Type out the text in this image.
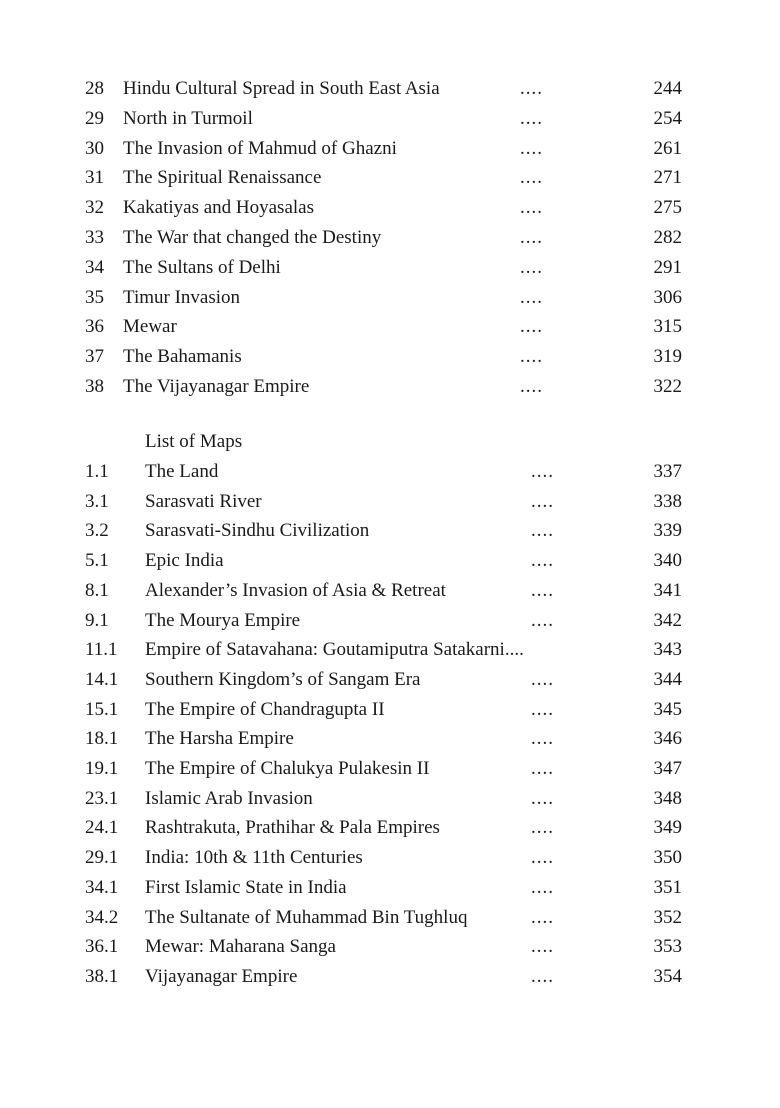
28 Hindu Cultural Spread in South East Asia	....	244
29 North in Turmoil	....	254
30 The Invasion of Mahmud of Ghazni	....	261
31 The Spiritual Renaissance	....	271
32 Kakatiyas and Hoyasalas	....	275
33 The War that changed the Destiny	....	282
34 The Sultans of Delhi	....	291
35 Timur Invasion	....	306
36 Mewar	....	315
37 The Bahamanis	....	319
38 The Vijayanagar Empire	....	322
List of Maps
1.1 The Land	....	337
3.1 Sarasvati River	....	338
3.2 Sarasvati-Sindhu Civilization	....	339
5.1 Epic India	....	340
8.1 Alexander’s Invasion of Asia & Retreat	....	341
9.1 The Mourya Empire	....	342
11.1 Empire of Satavahana: Goutamiputra Satakarni....	343
14.1 Southern Kingdom’s of Sangam Era	....	344
15.1 The Empire of Chandragupta II	....	345
18.1 The Harsha Empire	....	346
19.1 The Empire of Chalukya Pulakesin II	....	347
23.1 Islamic Arab Invasion	....	348
24.1 Rashtrakuta, Prathihar & Pala Empires	....	349
29.1 India: 10th & 11th Centuries	....	350
34.1 First Islamic State in India	....	351
34.2 The Sultanate of Muhammad Bin Tughluq	....	352
36.1 Mewar: Maharana Sanga	....	353
38.1 Vijayanagar Empire	....	354
